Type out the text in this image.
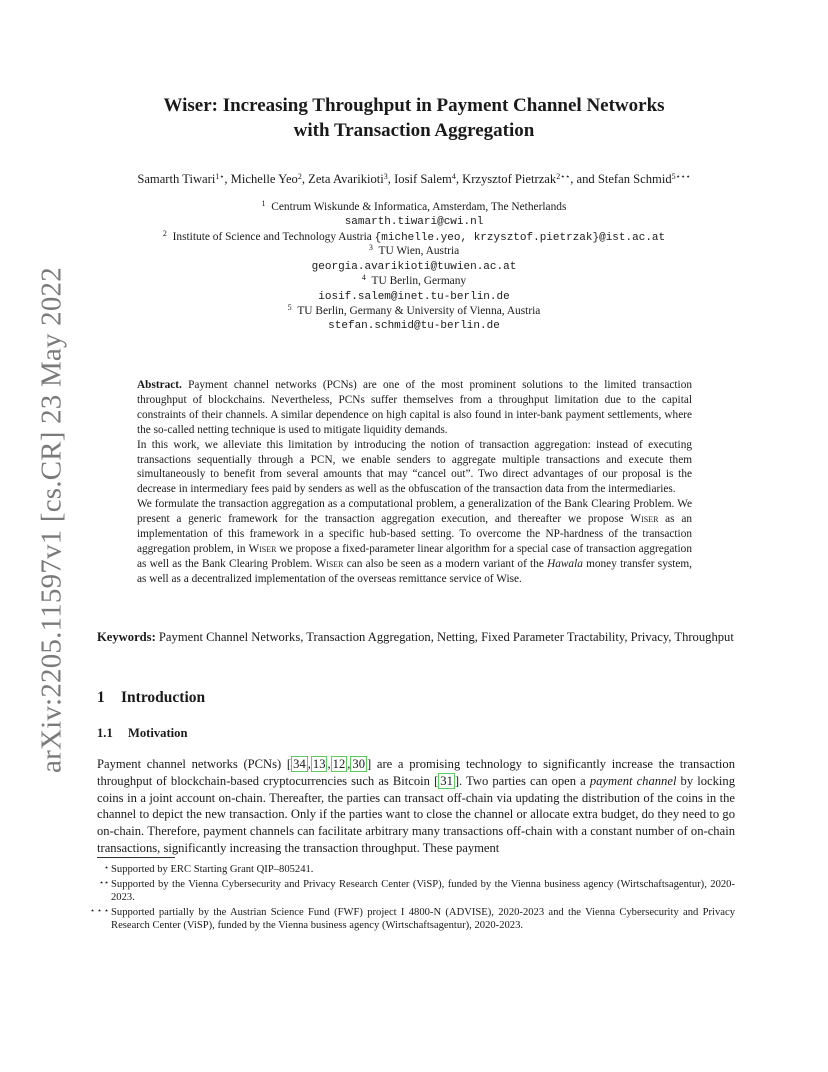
arXiv:2205.11597v1 [cs.CR] 23 May 2022
Wiser: Increasing Throughput in Payment Channel Networks
with Transaction Aggregation
Samarth Tiwari$^{1⋆}$, Michelle Yeo$^2$, Zeta Avarikioti$^3$, Iosif Salem$^4$, Krzysztof Pietrzak$^{2⋆⋆}$, and Stefan Schmid$^{5⋆⋆⋆}$
$^1$ Centrum Wiskunde & Informatica, Amsterdam, The Netherlands
samarth.tiwari@cwi.nl
$^2$ Institute of Science and Technology Austria {michelle.yeo, krzysztof.pietrzak}@ist.ac.at
$^3$ TU Wien, Austria
georgia.avarikioti@tuwien.ac.at
$^4$ TU Berlin, Germany
iosif.salem@inet.tu-berlin.de
$^5$ TU Berlin, Germany & University of Vienna, Austria
stefan.schmid@tu-berlin.de

Abstract. Payment channel networks (PCNs) are one of the most prominent solutions to the limited transaction throughput of blockchains. Nevertheless, PCNs suffer themselves from a throughput limitation due to the capital constraints of their channels. A similar dependence on high capital is also found in inter-bank payment settlements, where the so-called netting technique is used to mitigate liquidity demands.

In this work, we alleviate this limitation by introducing the notion of transaction aggregation: instead of executing transactions sequentially through a PCN, we enable senders to aggregate multiple transactions and execute them simultaneously to benefit from several amounts that may “cancel out”. Two direct advantages of our proposal is the decrease in intermediary fees paid by senders as well as the obfuscation of the transaction data from the intermediaries.

We formulate the transaction aggregation as a computational problem, a generalization of the Bank Clearing Problem. We present a generic framework for the transaction aggregation execution, and thereafter we propose Wiser as an implementation of this framework in a specific hub-based setting. To overcome the NP-hardness of the transaction aggregation problem, in Wiser we propose a fixed-parameter linear algorithm for a special case of transaction aggregation as well as the Bank Clearing Problem. Wiser can also be seen as a modern variant of the Hawala money transfer system, as well as a decentralized implementation of the overseas remittance service of Wise.

Keywords: Payment Channel Networks, Transaction Aggregation, Netting, Fixed Parameter Tractability, Privacy, Throughput
1 Introduction
1.1 Motivation

Payment channel networks (PCNs) [ 34 , 13 , 12 , 30 ] are a promising technology to significantly increase the transaction throughput of blockchain-based cryptocurrencies such as Bitcoin [ 31 ]. Two parties can open a payment channel by locking coins in a joint account on-chain. Thereafter, the parties can transact off-chain via updating the distribution of the coins in the channel to depict the new transaction. Only if the parties want to close the channel or allocate extra budget, do they need to go on-chain. Therefore, payment channels can facilitate arbitrary many transactions off-chain with a constant number of on-chain transactions, significantly increasing the transaction throughput. These payment

⋆ Supported by ERC Starting Grant QIP–805241.
⋆⋆ Supported by the Vienna Cybersecurity and Privacy Research Center (ViSP), funded by the Vienna business agency (Wirtschaftsagentur), 2020-2023.
⋆ ⋆ ⋆ Supported partially by the Austrian Science Fund (FWF) project I 4800-N (ADVISE), 2020-2023 and the Vienna Cybersecurity and Privacy Research Center (ViSP), funded by the Vienna business agency (Wirtschaftsagentur), 2020-2023.
